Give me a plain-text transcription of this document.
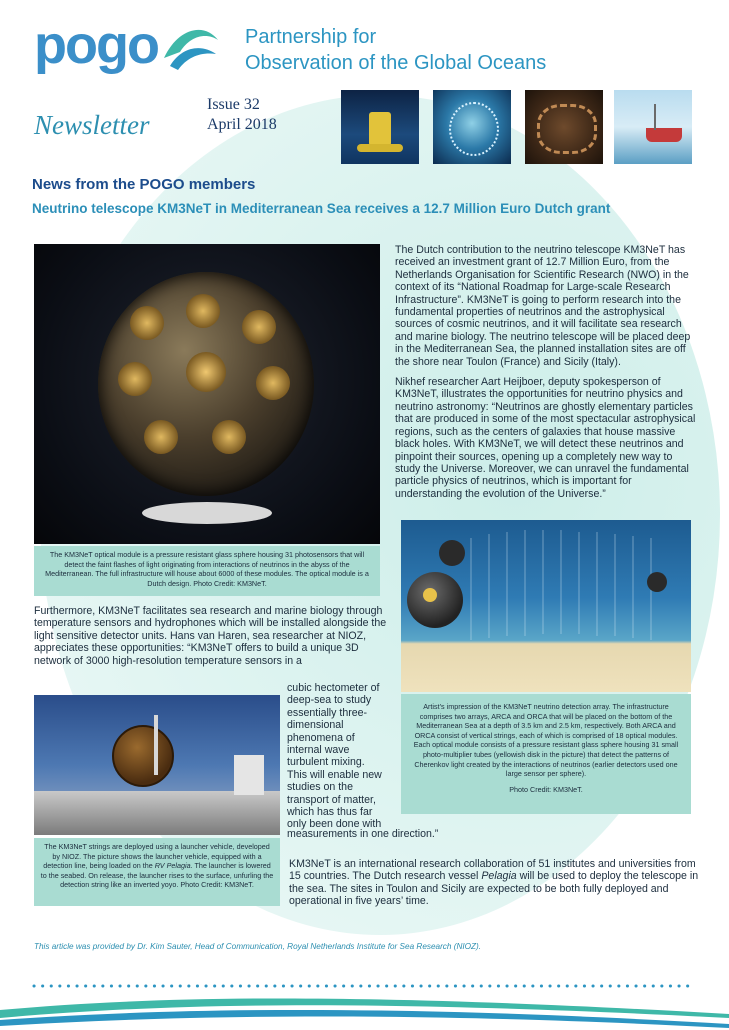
pogo
Newsletter
Partnership for
Observation of the Global Oceans
Issue 32
April 2018
News from the POGO members
Neutrino telescope KM3NeT in Mediterranean Sea receives a 12.7 Million Euro Dutch grant
The KM3NeT optical module is a pressure resistant glass sphere housing 31 photosensors that will detect the faint flashes of light originating from interactions of neutrinos in the abyss of the Mediterranean. The full infrastructure will house about 6000 of these modules. The optical module is a Dutch design. Photo Credit: KM3NeT.

The Dutch contribution to the neutrino telescope KM3NeT has received an investment grant of 12.7 Million Euro, from the Netherlands Organisation for Scientific Research (NWO) in the context of its “National Roadmap for Large-scale Research Infrastructure”. KM3NeT is going to perform research into the fundamental properties of neutrinos and the astrophysical sources of cosmic neutrinos, and it will facilitate sea research and marine biology. The neutrino telescope will be placed deep in the Mediterranean Sea, the planned installation sites are off the shore near Toulon (France) and Sicily (Italy).

Nikhef researcher Aart Heijboer, deputy spokesperson of KM3NeT, illustrates the opportunities for neutrino physics and neutrino astronomy: “Neutrinos are ghostly elementary particles that are produced in some of the most spectacular astrophysical regions, such as the centers of galaxies that house massive black holes. With KM3NeT, we will detect these neutrinos and pinpoint their sources, opening up a completely new way to study the Universe. Moreover, we can unravel the fundamental particle physics of neutrinos, which is important for understanding the evolution of the Universe.”

Artist’s impression of the KM3NeT neutrino detection array. The infrastructure comprises two arrays, ARCA and ORCA that will be placed on the bottom of the Mediterranean Sea at a depth of 3.5 km and 2.5 km, respectively. Both ARCA and ORCA consist of vertical strings, each of which is comprised of 18 optical modules. Each optical module consists of a pressure resistant glass sphere housing 31 small photo-multiplier tubes (yellowish disk in the picture) that detect the patterns of Cherenkov light created by the interactions of neutrinos (earlier detectors used one large sensor per sphere).

Photo Credit: KM3NeT.

Furthermore, KM3NeT facilitates sea research and marine biology through temperature sensors and hydrophones which will be installed alongside the light sensitive detector units. Hans van Haren, sea researcher at NIOZ, appreciates these opportunities: “KM3NeT offers to build a unique 3D network of 3000 high-resolution temperature sensors in a
cubic hectometer of deep-sea to study essentially three-dimensional phenomena of internal wave turbulent mixing. This will enable new studies on the transport of matter, which has thus far only been done with
measurements in one direction.”
The KM3NeT strings are deployed using a launcher vehicle, developed by NIOZ. The picture shows the launcher vehicle, equipped with a detection line, being loaded on the RV Pelagia. The launcher is lowered to the seabed. On release, the launcher rises to the surface, unfurling the detection string like an inverted yoyo. Photo Credit: KM3NeT.
KM3NeT is an international research collaboration of 51 institutes and universities from 15 countries. The Dutch research vessel Pelagia will be used to deploy the telescope in the sea. The sites in Toulon and Sicily are expected to be both fully deployed and operational in five years’ time.
This article was provided by Dr. Kim Sauter, Head of Communication, Royal Netherlands Institute for Sea Research (NIOZ).
